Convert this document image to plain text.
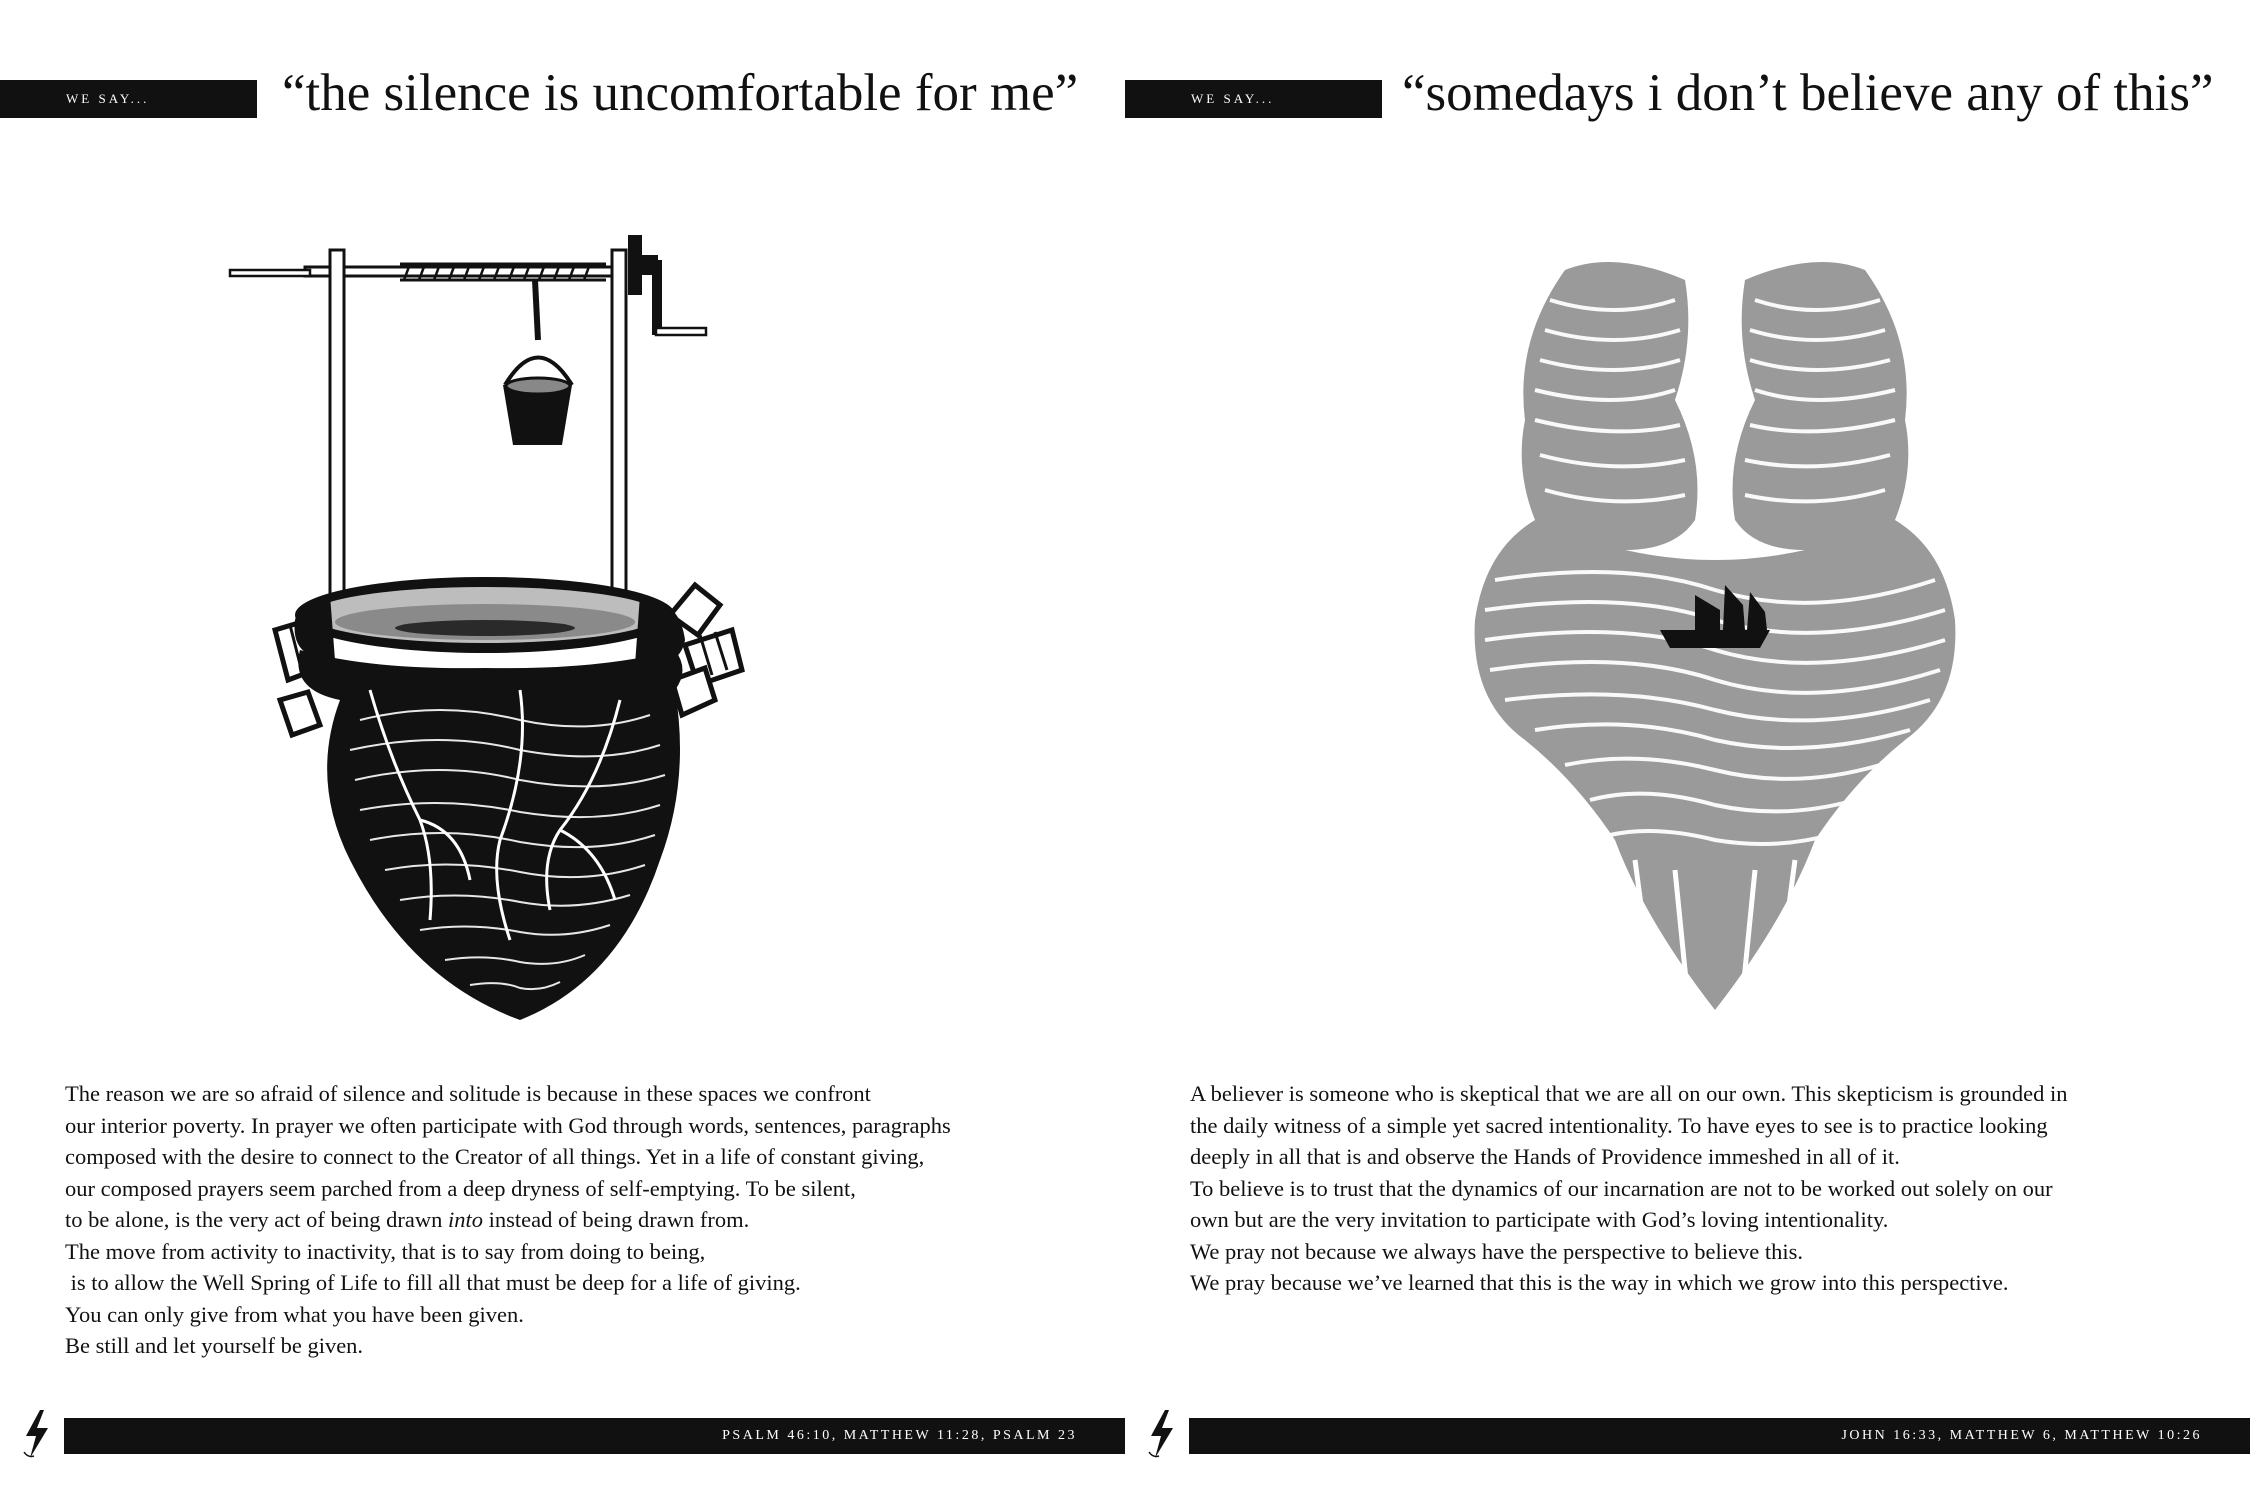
WE SAY...	“the silence is uncomfortable for me”

The reason we are so afraid of silence and solitude is because in these spaces we confront

our interior poverty. In prayer we often participate with God through words, sentences, paragraphs

composed with the desire to connect to the Creator of all things. Yet in a life of constant giving,

our composed prayers seem parched from a deep dryness of self-emptying. To be silent,

to be alone, is the very act of being drawn into instead of being drawn from.

The move from activity to inactivity, that is to say from doing to being,

is to allow the Well Spring of Life to fill all that must be deep for a life of giving.

You can only give from what you have been given.

Be still and let yourself be given.

PSALM 46:10, MATTHEW 11:28, PSALM 23
WE SAY... “somedays i don’t believe any of this”

A believer is someone who is skeptical that we are all on our own. This skepticism is grounded in

the daily witness of a simple yet sacred intentionality. To have eyes to see is to practice looking

deeply in all that is and observe the Hands of Providence immeshed in all of it.

To believe is to trust that the dynamics of our incarnation are not to be worked out solely on our

own but are the very invitation to participate with God’s loving intentionality.

We pray not because we always have the perspective to believe this.

We pray because we’ve learned that this is the way in which we grow into this perspective.

JOHN 16:33, MATTHEW 6, MATTHEW 10:26
